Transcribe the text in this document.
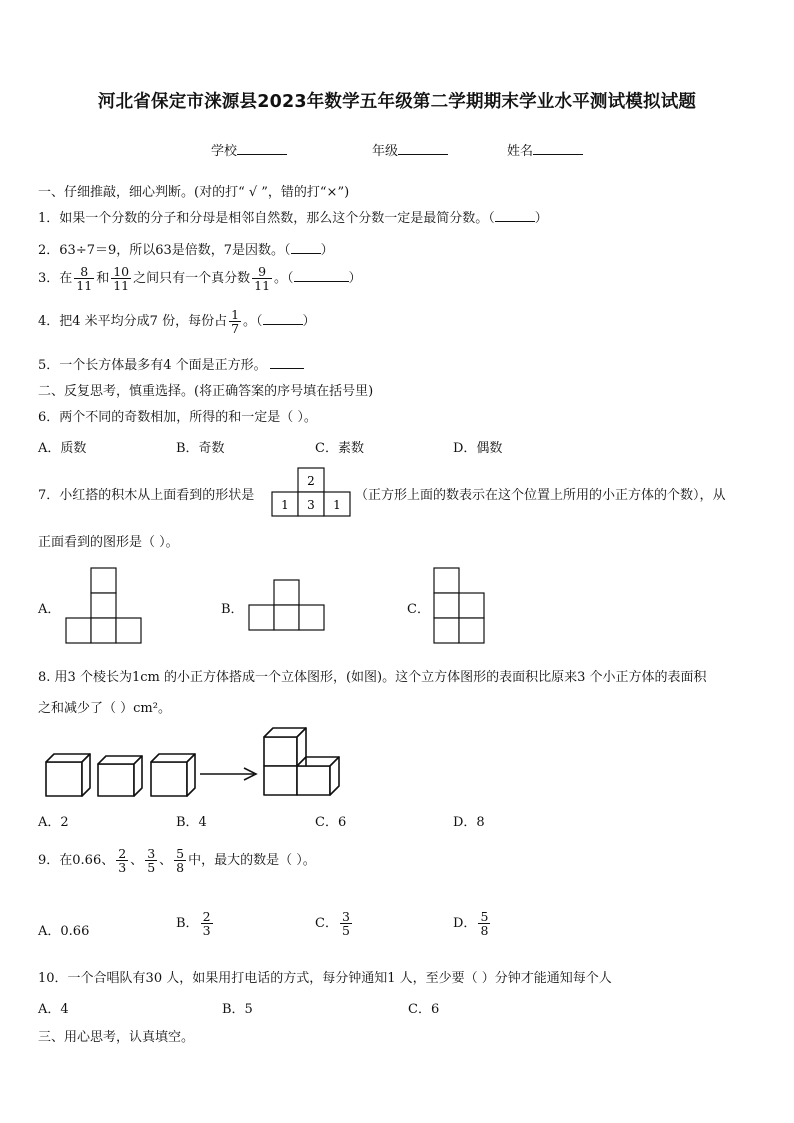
河北省保定市涞源县2023年数学五年级第二学期期末学业水平测试模拟试题
学校	年级	姓名
一、仔细推敲，细心判断。(对的打“ √ ”，错的打“×”)
1．如果一个分数的分子和分母是相邻自然数，那么这个分数一定是最简分数。（	）
2．63÷7＝9，所以63是倍数，7是因数。（ ）
3．在 $\frac{8}{11}$ 和 $\frac{10}{11}$ 之间只有一个真分数 $\frac{9}{11}$ 。（	）
4．把4 米平均分成7 份，每份占 $\frac{1}{7}$ 。（	）
5．一个长方体最多有4 个面是正方形。
二、反复思考，慎重选择。(将正确答案的序号填在括号里)
6．两个不同的奇数相加，所得的和一定是（ ）。
A．质数	B．奇数	C．素数	D．偶数
7．小红搭的积木从上面看到的形状是
2
1 3 1
（正方形上面的数表示在这个位置上所用的小正方体的个数），从
正面看到的图形是（ ）。
A．	B．	C．
8. 用3 个棱长为1cm 的小正方体搭成一个立体图形，(如图)。这个立方体图形的表面积比原来3 个小正方体的表面积
之和减少了（ ）cm²。
A．2	B．4	C．6	D．8
9．在0.66、 $\frac{2}{3}$ 、 $\frac{3}{5}$ 、 $\frac{5}{8}$ 中，最大的数是（ ）。
A．0.66
B． $\frac{2}{3}$	C． $\frac{3}{5}$	D． $\frac{5}{8}$
10．一个合唱队有30 人，如果用打电话的方式，每分钟通知1 人，至少要（ ）分钟才能通知每个人
A．4	B．5	C．6
三、用心思考，认真填空。
